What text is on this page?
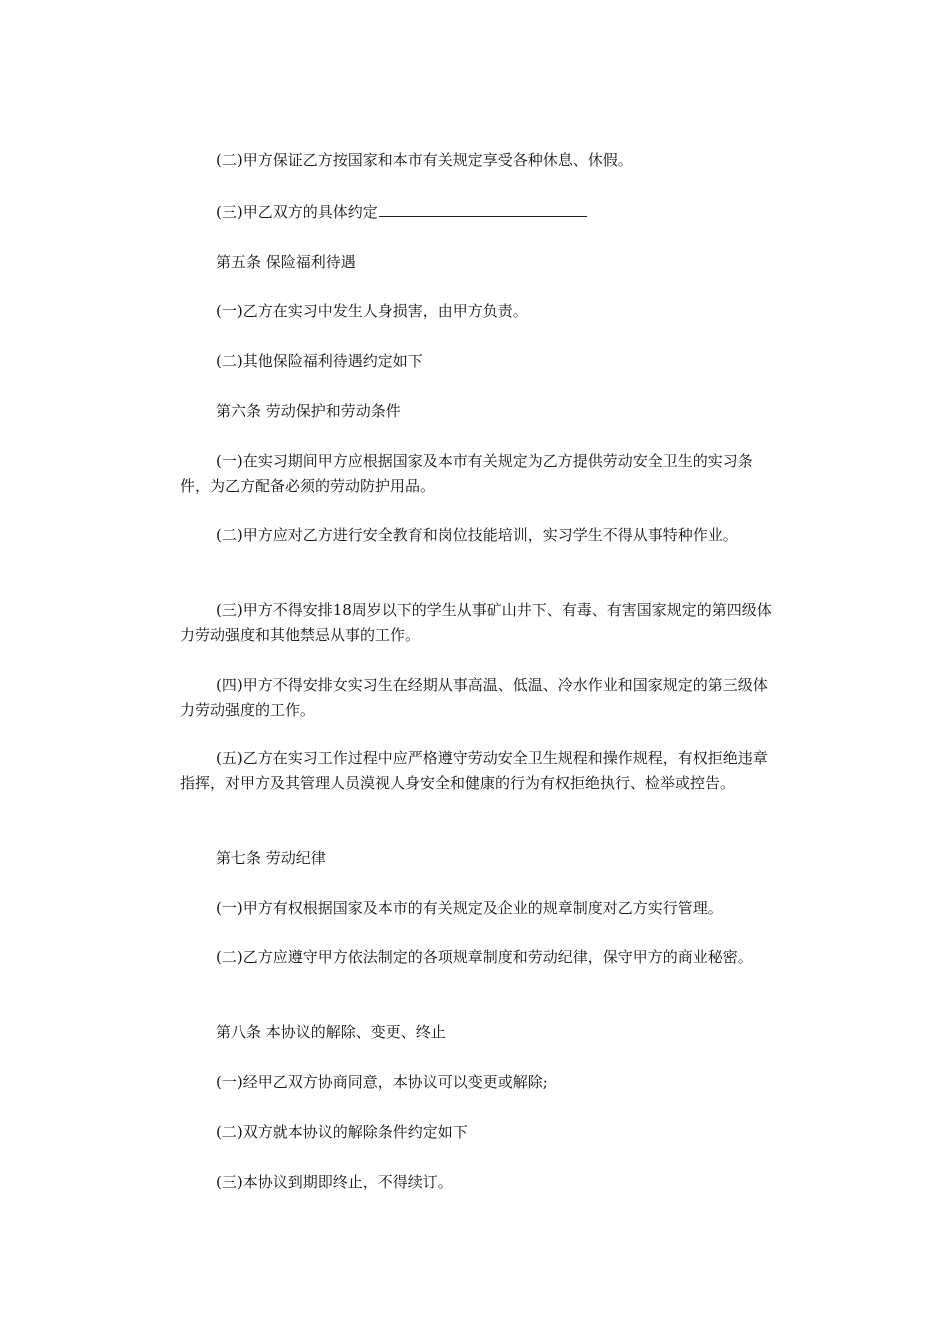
(二)甲方保证乙方按国家和本市有关规定享受各种休息、休假。

(三)甲乙双方的具体约定

第五条 保险福利待遇

(一)乙方在实习中发生人身损害，由甲方负责。

(二)其他保险福利待遇约定如下

第六条 劳动保护和劳动条件

(一)在实习期间甲方应根据国家及本市有关规定为乙方提供劳动安全卫生的实习条件，为乙方配备必须的劳动防护用品。

(二)甲方应对乙方进行安全教育和岗位技能培训，实习学生不得从事特种作业。

(三)甲方不得安排18周岁以下的学生从事矿山井下、有毒、有害国家规定的第四级体力劳动强度和其他禁忌从事的工作。

(四)甲方不得安排女实习生在经期从事高温、低温、冷水作业和国家规定的第三级体力劳动强度的工作。

(五)乙方在实习工作过程中应严格遵守劳动安全卫生规程和操作规程，有权拒绝违章指挥，对甲方及其管理人员漠视人身安全和健康的行为有权拒绝执行、检举或控告。

第七条 劳动纪律

(一)甲方有权根据国家及本市的有关规定及企业的规章制度对乙方实行管理。

(二)乙方应遵守甲方依法制定的各项规章制度和劳动纪律，保守甲方的商业秘密。

第八条 本协议的解除、变更、终止

(一)经甲乙双方协商同意，本协议可以变更或解除;

(二)双方就本协议的解除条件约定如下

(三)本协议到期即终止，不得续订。
